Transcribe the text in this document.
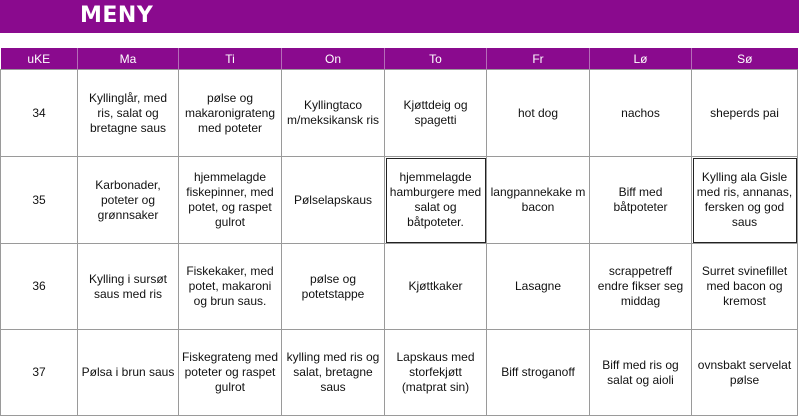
MENY
uKE	Ma	Ti	On	To	Fr	Lø	Sø
34	Kyllinglår, med ris, salat og bretagne saus	pølse og makaronigrateng med poteter	Kyllingtaco m/meksikansk ris	Kjøttdeig og spagetti	hot dog	nachos	sheperds pai
35	Karbonader, poteter og grønnsaker	hjemmelagde fiskepinner, med potet, og raspet gulrot	Pølselapskaus	hjemmelagde hamburgere med salat og båtpoteter.	langpannekake m bacon	Biff med båtpoteter	Kylling ala Gisle med ris, annanas, fersken og god saus
36	Kylling i sursøt saus med ris	Fiskekaker, med potet, makaroni og brun saus.	pølse og potetstappe	Kjøttkaker	Lasagne	scrappetreff endre fikser seg middag	Surret svinefillet med bacon og kremost
37	Pølsa i brun saus	Fiskegrateng med poteter og raspet gulrot	kylling med ris og salat, bretagne saus	Lapskaus med storfekjøtt (matprat sin)	Biff stroganoff	Biff med ris og salat og aioli	ovnsbakt servelat pølse
